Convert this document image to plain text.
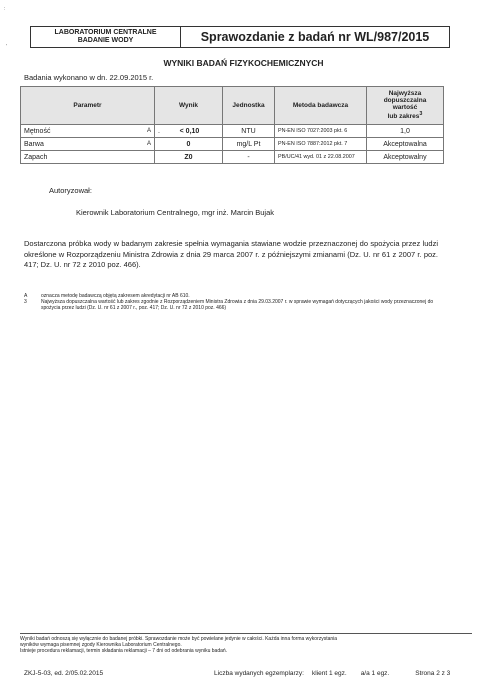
:
'
LABORATORIUM CENTRALNE
BADANIE WODY	Sprawozdanie z badań nr WL/987/2015
WYNIKI BADAŃ FIZYKOCHEMICZNYCH
Badania wykonano w dn. 22.09.2015 r.
Parametr	Wynik	Jednostka	Metoda badawcza	Najwyższa
dopuszczalna
wartość
lub zakres$^3$

Mętność A	. < 0,10	NTU	PN-EN ISO 7027:2003 pkt. 6	1,0

Barwa A	0	mg/L Pt	PN-EN ISO 7887:2012 pkt. 7	Akceptowalna

Zapach	Z0	-	PB/UC/41 wyd. 01 z 22.08.2007	Akceptowalny
Autoryzował:
Kierownik Laboratorium Centralnego, mgr inż. Marcin Bujak
Dostarczona próbka wody w badanym zakresie spełnia wymagania stawiane wodzie przeznaczonej do spożycia przez ludzi określone w Rozporządzeniu Ministra Zdrowia z dnia 29 marca 2007 r. z późniejszymi zmianami (Dz. U. nr 61 z 2007 r. poz. 417; Dz. U. nr 72 z 2010 poz. 466).
A	oznacza metodę badawczą objętą zakresem akredytacji nr AB 610.
3	Najwyższa dopuszczalna wartość lub zakres zgodnie z Rozporządzeniem Ministra Zdrowia z dnia 29.03.2007 r. w sprawie wymagań dotyczących jakości wody przeznaczonej do spożycia przez ludzi (Dz. U. nr 61 z 2007 r., poz. 417; Dz. U. nr 72 z 2010 poz. 466)
Wyniki badań odnoszą się wyłącznie do badanej próbki. Sprawozdanie może być powielane jedynie w całości. Każda inna forma wykorzystania
wyników wymaga pisemnej zgody Kierownika Laboratorium Centralnego.
Istnieje procedura reklamacji, termin składania reklamacji – 7 dni od odebrania wyniku badań.
ZKJ-5-03, ed. 2/05.02.2015	Liczba wydanych egzemplarzy: klient 1 egz. a/a 1 egz.	Strona 2 z 3
